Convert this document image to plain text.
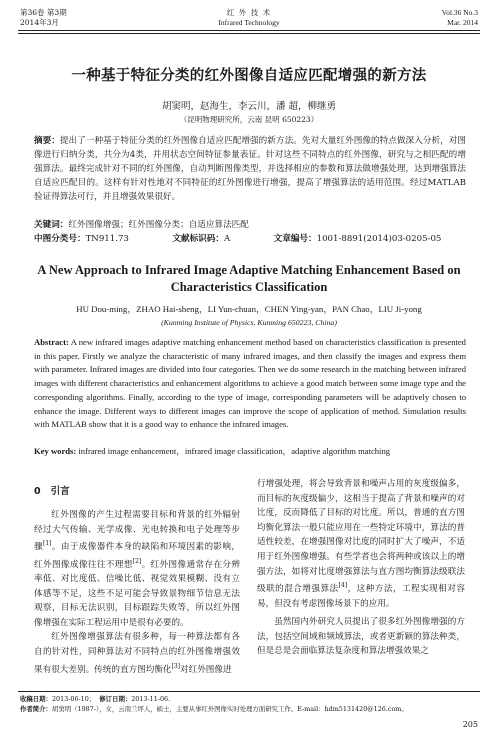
第36卷 第3期
2014年3月
红 外 技 术
Infrared Technology
Vol.36 No.3
Mar. 2014
一种基于特征分类的红外图像自适应匹配增强的新方法
胡窦明，赵海生，李云川，潘 超，柳继勇
（昆明物理研究所，云南 昆明 650223）
摘要：提出了一种基于特征分类的红外图像自适应匹配增强的新方法。先对大量红外图像的特点做深入分析，对图像进行归纳分类，共分为4类，并用状态空间特征参量表征。针对这些不同特点的红外图像，研究与之相匹配的增强算法。最终完成针对不同的红外图像，自动判断图像类型，并选择相应的参数和算法做增强处理，达到增强算法自适应匹配目的。这样有针对性地对不同特征的红外图像进行增强，提高了增强算法的适用范围。经过MATLAB验证得算法可行，并且增强效果很好。
关键词：红外图像增强；红外图像分类；自适应算法匹配
中图分类号：TN911.73	文献标识码：A	文章编号：1001-8891(2014)03-0205-05
A New Approach to Infrared Image Adaptive Matching Enhancement Based on Characteristics Classification
HU Dou-ming，ZHAO Hai-sheng，LI Yun-chuan，CHEN Ying-yan，PAN Chao，LIU Ji-yong
(Kunming Institute of Physics, Kunming 650223, China)
Abstract: A new infrared images adaptive matching enhancement method based on characteristics classification is presented in this paper. Firstly we analyze the characteristic of many infrared images, and then classify the images and express them with parameter. Infrared images are divided into four categories. Then we do some research in the matching between infrared images with different characteristics and enhancement algorithms to achieve a good match between some image type and the corresponding algorithms. Finally, according to the type of image, corresponding parameters will be adaptively chosen to enhance the image. Different ways to different images can improve the scope of application of method. Simulation results with MATLAB show that it is a good way to enhance the infrared images.
Key words: infrared image enhancement，infrared image classification，adaptive algorithm matching
0 引言

红外图像的产生过程需要目标和背景的红外辐射经过大气传输、光学成像、光电转换和电子处理等步骤[1]。由于成像器件本身的缺陷和环境因素的影响，红外图像成像往往不理想[2]。红外图像通常存在分辨率低、对比度低、信噪比低、视觉效果模糊、没有立体感等不足，这些不足可能会导致景物细节信息无法观察，目标无法识别，目标跟踪失败等，所以红外图像增强在实际工程运用中是很有必要的。

红外图像增强算法有很多种，每一种算法都有各自的针对性，同种算法对不同特点的红外图像增强效果有很大差别。传统的直方图均衡化[3]对红外图像进

行增强处理，将会导致背景和噪声占用的灰度级偏多，而目标的灰度级偏少，这相当于提高了背景和噪声的对比度，反而降低了目标的对比度。所以，普通的直方图均衡化算法一般只能应用在一些特定环境中，算法的普适性较差，在增强图像对比度的同时扩大了噪声，不适用于红外图像增强。有些学者也会将两种或该以上的增强方法，如将对比度增强算法与直方图均衡算法级联法级联的混合增强算法[4]，这种方法，工程实现相对容易，但没有考虑图像场景下的应用。

虽然国内外研究人员提出了很多红外图像增强的方法，包括空间域和频域算法，或者更新颖的算法种类，但是总是会面临算法复杂度和算法增强效果之

收稿日期：2013-06-10； 修订日期：2013-11-06.
作者简介：胡窦明（1987-），女，云南兰坪人，硕士，主要从事红外图像实时处理方面研究工作。E-mail：hdm5131420@126.com。
205
